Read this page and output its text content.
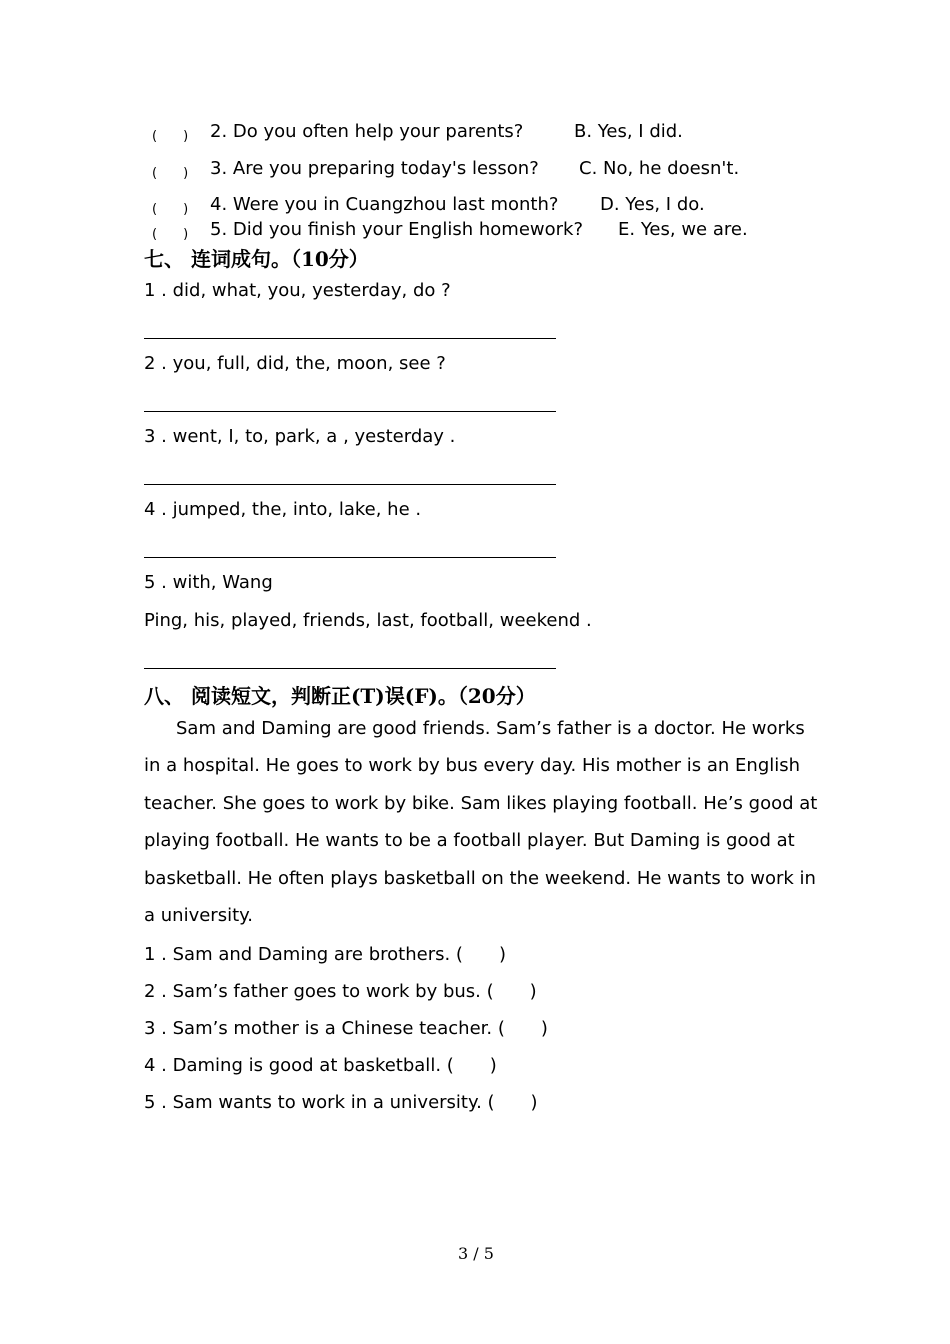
(　　) 2. Do you often help your parents?	B. Yes, I did.
(　　) 3. Are you preparing today's lesson? C. No, he doesn't.
(　　) 4. Were you in Cuangzhou last month? D. Yes, I do.
(　　) 5. Did you finish your English homework? E. Yes, we are.
七、 连词成句。（10分）
1 . did, what, you, yesterday, do ?
2 . you, full, did, the, moon, see ?
3 . went, I, to, park, a , yesterday .
4 . jumped, the, into, lake, he .
5 . with, Wang
Ping, his, played, friends, last, football, weekend .
八、 阅读短文，判断正(T)误(F)。（20分）
Sam and Daming are good friends. Sam’s father is a doctor. He works in a hospital. He goes to work by bus every day. His mother is an English teacher. She goes to work by bike. Sam likes playing football. He’s good at playing football. He wants to be a football player. But Daming is good at basketball. He often plays basketball on the weekend. He wants to work in a university.
1 . Sam and Daming are brothers. (　　)
2 . Sam’s father goes to work by bus. (　　)
3 . Sam’s mother is a Chinese teacher. (　　)
4 . Daming is good at basketball. (　　)
5 . Sam wants to work in a university. (　　)
3 / 5
